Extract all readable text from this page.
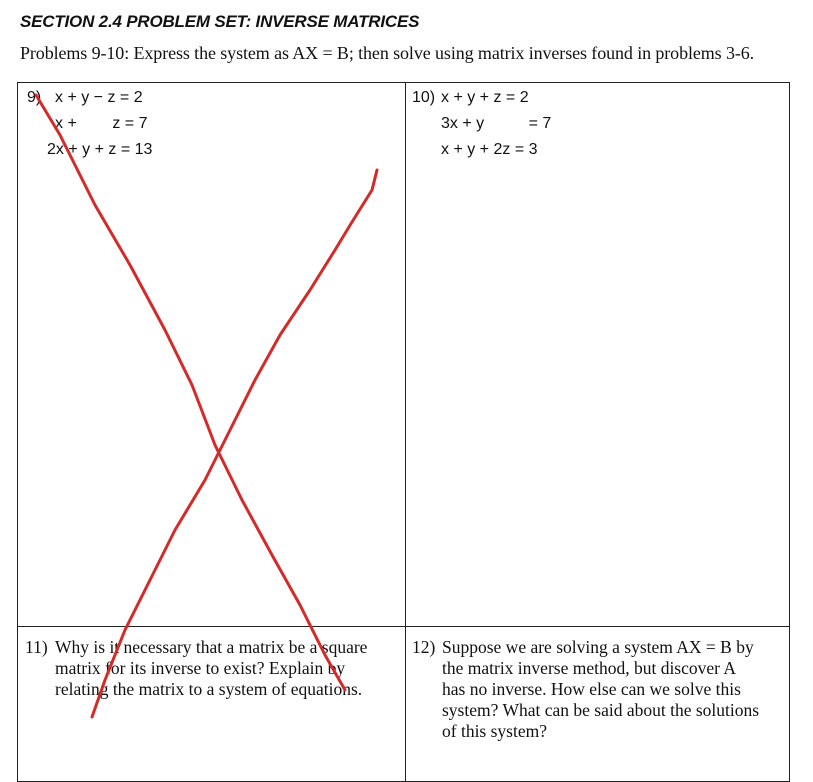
SECTION 2.4 PROBLEM SET: INVERSE MATRICES
Problems 9-10: Express the system as AX = B; then solve using matrix inverses found in problems 3-6.
9) x + y − z = 2
x +        z = 7
2x + y + z = 13
10) x + y + z = 2
3x + y          = 7
x + y + 2z = 3
11) Why is it necessary that a matrix be a square
matrix for its inverse to exist? Explain by
relating the matrix to a system of equations.
12) Suppose we are solving a system AX = B by
the matrix inverse method, but discover A
has no inverse. How else can we solve this
system? What can be said about the solutions
of this system?
